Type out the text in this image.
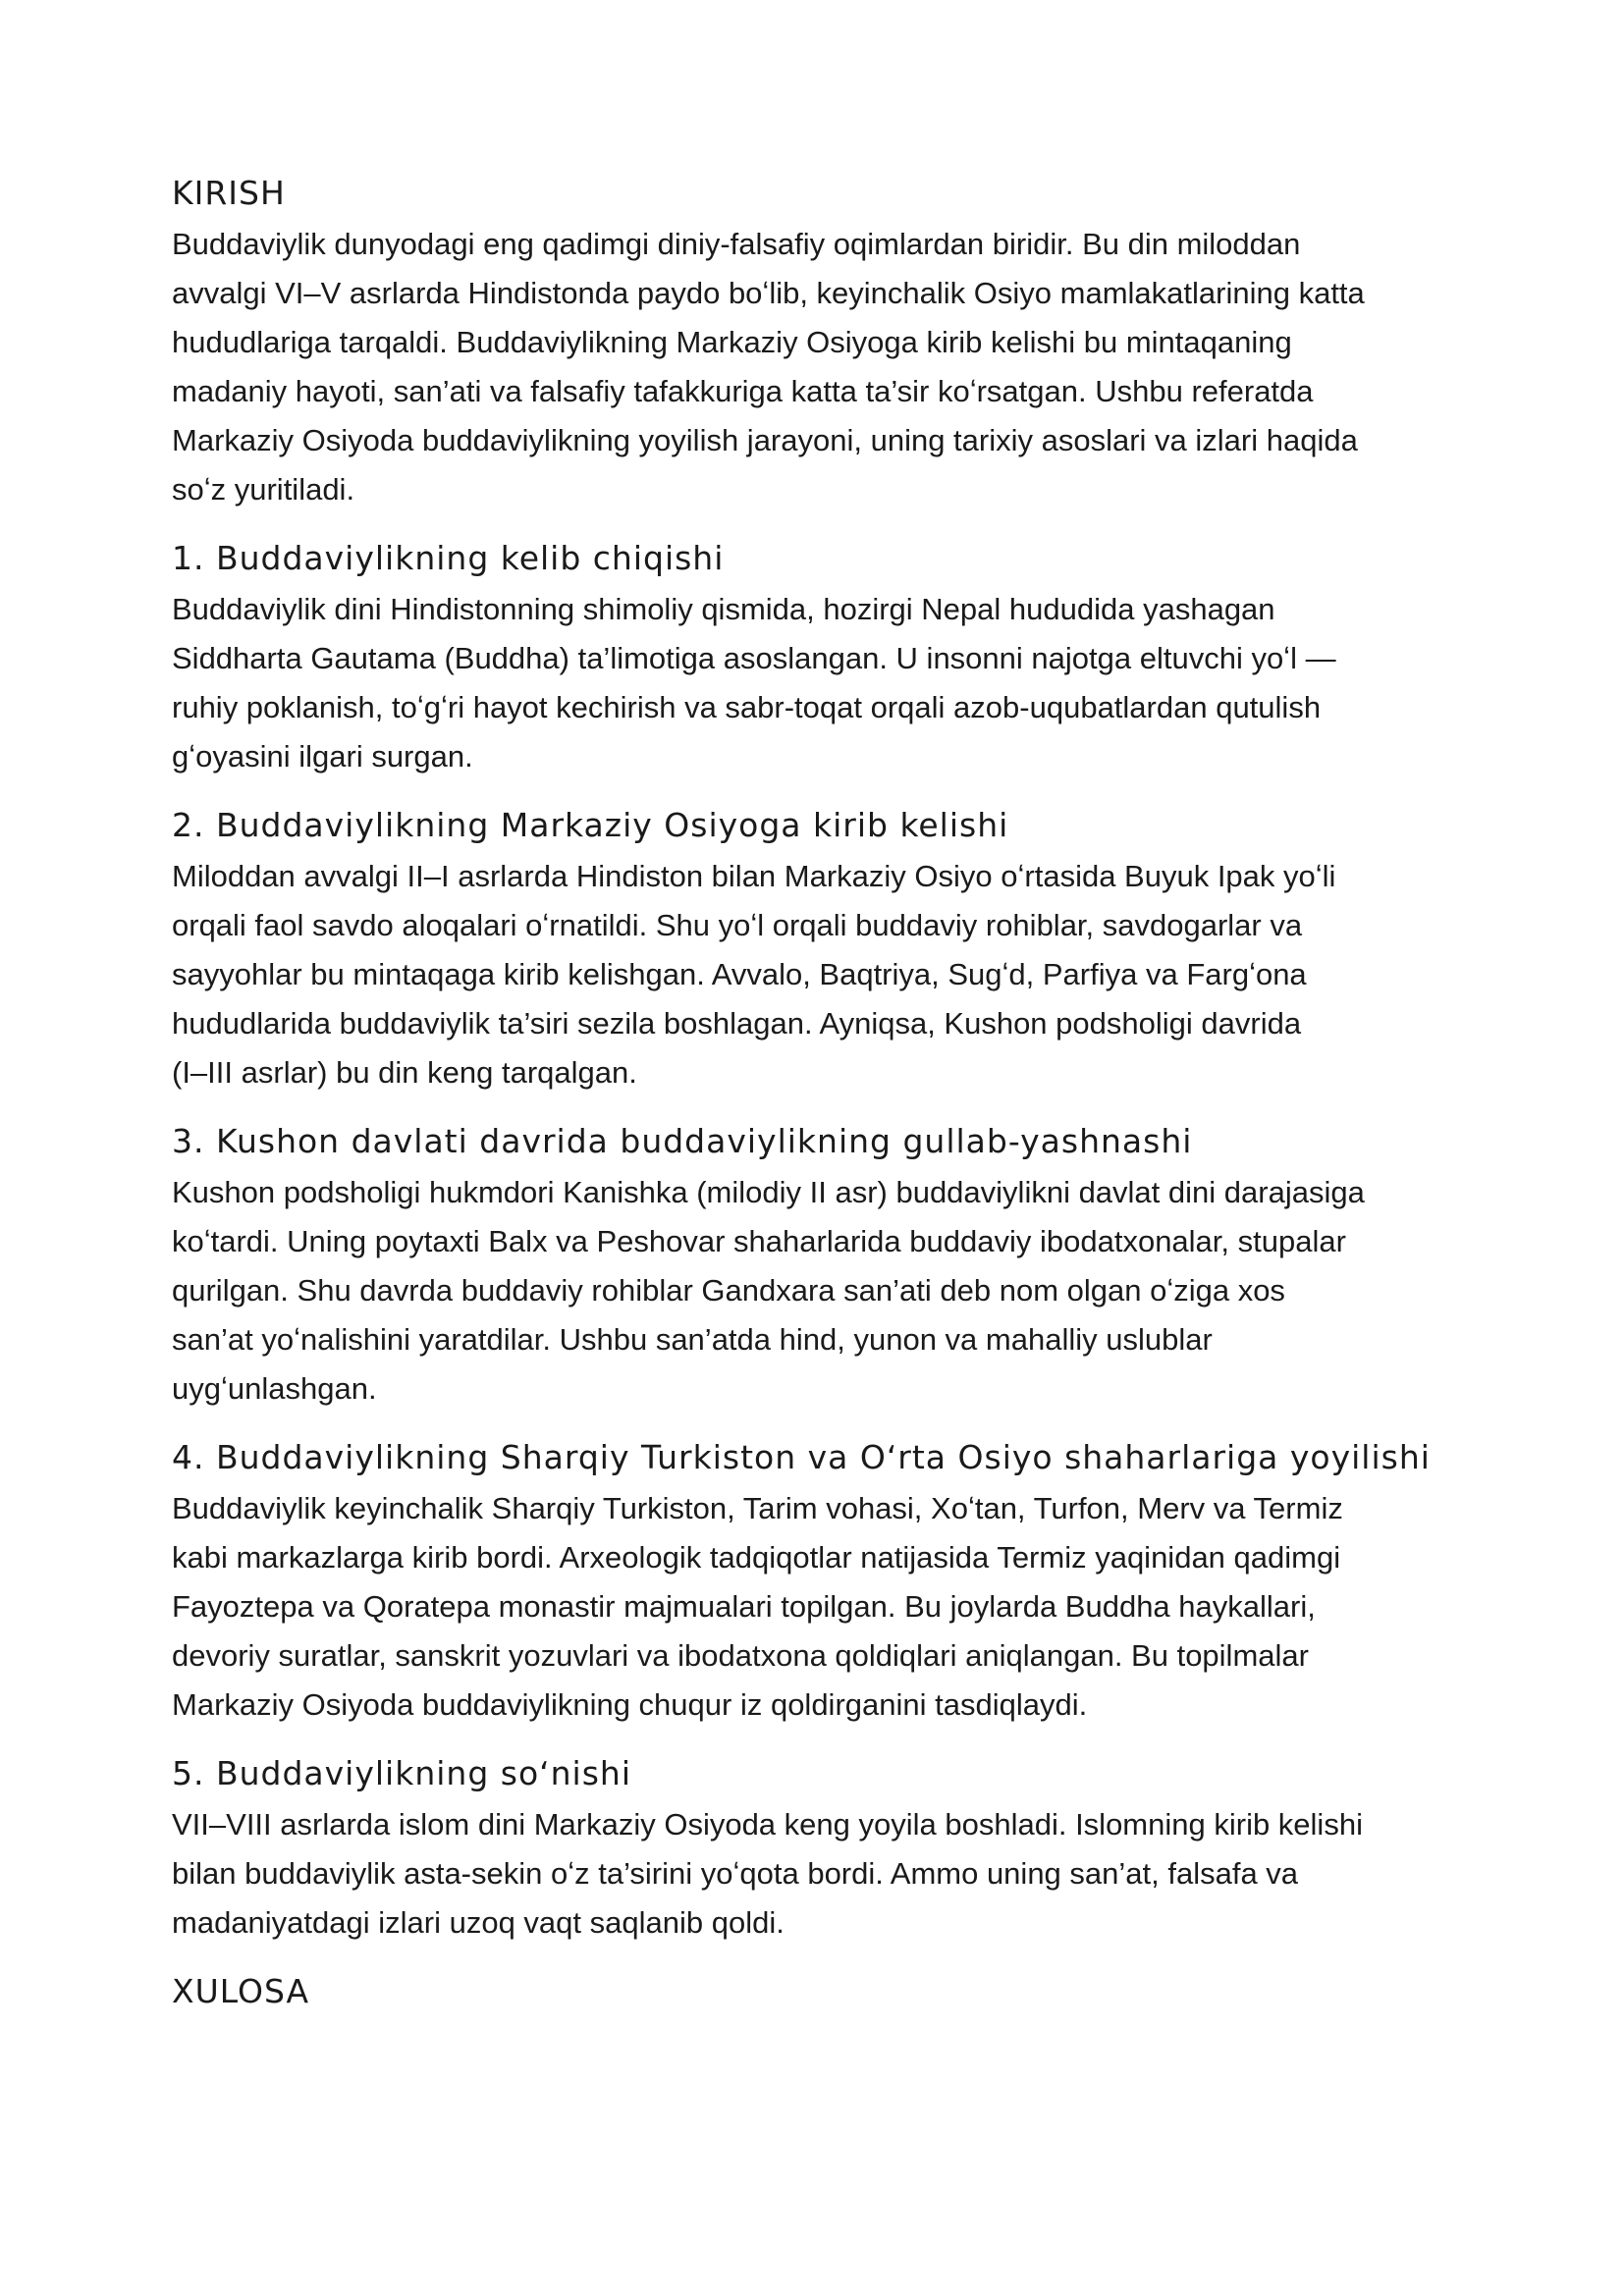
KIRISH

Buddaviylik dunyodagi eng qadimgi diniy-falsafiy oqimlardan biridir. Bu din miloddan
avvalgi VI–V asrlarda Hindistonda paydo boʻlib, keyinchalik Osiyo mamlakatlarining katta
hududlariga tarqaldi. Buddaviylikning Markaziy Osiyoga kirib kelishi bu mintaqaning
madaniy hayoti, san’ati va falsafiy tafakkuriga katta ta’sir koʻrsatgan. Ushbu referatda
Markaziy Osiyoda buddaviylikning yoyilish jarayoni, uning tarixiy asoslari va izlari haqida
soʻz yuritiladi.

1. Buddaviylikning kelib chiqishi

Buddaviylik dini Hindistonning shimoliy qismida, hozirgi Nepal hududida yashagan
Siddharta Gautama (Buddha) ta’limotiga asoslangan. U insonni najotga eltuvchi yoʻl —
ruhiy poklanish, toʻgʻri hayot kechirish va sabr-toqat orqali azob-uqubatlardan qutulish
gʻoyasini ilgari surgan.

2. Buddaviylikning Markaziy Osiyoga kirib kelishi

Miloddan avvalgi II–I asrlarda Hindiston bilan Markaziy Osiyo oʻrtasida Buyuk Ipak yoʻli
orqali faol savdo aloqalari oʻrnatildi. Shu yoʻl orqali buddaviy rohiblar, savdogarlar va
sayyohlar bu mintaqaga kirib kelishgan. Avvalo, Baqtriya, Sugʻd, Parfiya va Fargʻona
hududlarida buddaviylik ta’siri sezila boshlagan. Ayniqsa, Kushon podsholigi davrida
(I–III asrlar) bu din keng tarqalgan.

3. Kushon davlati davrida buddaviylikning gullab-yashnashi

Kushon podsholigi hukmdori Kanishka (milodiy II asr) buddaviylikni davlat dini darajasiga
koʻtardi. Uning poytaxti Balx va Peshovar shaharlarida buddaviy ibodatxonalar, stupalar
qurilgan. Shu davrda buddaviy rohiblar Gandxara san’ati deb nom olgan oʻziga xos
san’at yoʻnalishini yaratdilar. Ushbu san’atda hind, yunon va mahalliy uslublar
uygʻunlashgan.

4. Buddaviylikning Sharqiy Turkiston va Oʻrta Osiyo shaharlariga yoyilishi

Buddaviylik keyinchalik Sharqiy Turkiston, Tarim vohasi, Xoʻtan, Turfon, Merv va Termiz
kabi markazlarga kirib bordi. Arxeologik tadqiqotlar natijasida Termiz yaqinidan qadimgi
Fayoztepa va Qoratepa monastir majmualari topilgan. Bu joylarda Buddha haykallari,
devoriy suratlar, sanskrit yozuvlari va ibodatxona qoldiqlari aniqlangan. Bu topilmalar
Markaziy Osiyoda buddaviylikning chuqur iz qoldirganini tasdiqlaydi.

5. Buddaviylikning soʻnishi

VII–VIII asrlarda islom dini Markaziy Osiyoda keng yoyila boshladi. Islomning kirib kelishi
bilan buddaviylik asta-sekin oʻz ta’sirini yoʻqota bordi. Ammo uning san’at, falsafa va
madaniyatdagi izlari uzoq vaqt saqlanib qoldi.

XULOSA
